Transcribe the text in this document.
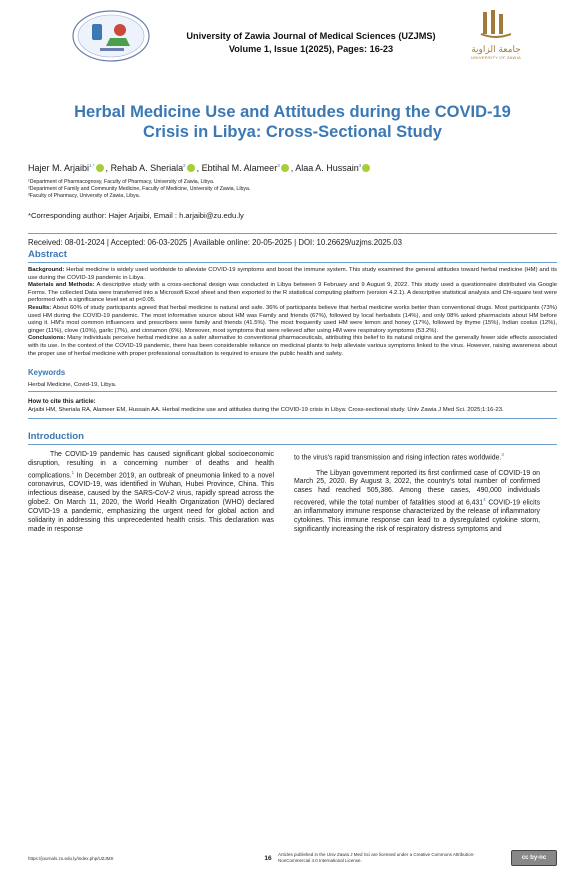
University of Zawia Journal of Medical Sciences (UZJMS)
Volume 1, Issue 1(2025), Pages: 16-23	جامعة الزاوية
UNIVERSITY OF ZAWIA
Herbal Medicine Use and Attitudes during the COVID-19
Crisis in Libya: Cross-Sectional Study
Hajer M. Arjaibi$^{1,*}$ , Rehab A. Sheriala$^2$ , Ebtihal M. Alameer$^3$ , Alaa A. Hussain$^3$
¹Department of Pharmacognosy, Faculty of Pharmacy, University of Zawia, Libya.
²Department of Family and Community Medicine, Faculty of Medicine, University of Zawia, Libya.
³Faculty of Pharmacy, University of Zawia, Libya.
*Corresponding author: Hajer Arjaibi, Email : h.arjaibi@zu.edu.ly
Received: 08-01-2024 | Accepted: 06-03-2025 | Available online: 20-05-2025 | DOI: 10.26629/uzjms.2025.03
Abstract

Background: Herbal medicine is widely used worldwide to alleviate COVID-19 symptoms and boost the immune system. This study examined the general attitudes toward herbal medicine (HM) and its use during the COVID-19 pandemic in Libya.

Materials and Methods: A descriptive study with a cross-sectional design was conducted in Libya between 9 February and 9 August 9, 2022. This study used a questionnaire distributed via Google Forms. The collected Data were transferred into a Microsoft Excel sheet and then exported to the R statistical computing platform (version 4.2.1). A descriptive statistical analysis and Chi-square test were performed with a significance level set at p<0.05.

Results: About 60% of study participants agreed that herbal medicine is natural and safe. 36% of participants believe that herbal medicine works better than conventional drugs. Most participants (73%) used HM during the COVID-19 pandemic. The most informative source about HM was Family and friends (67%), followed by local herbalists (14%), and only 08% asked pharmacists about HM before using it. HM's most common influencers and prescribers were family and friends (41.5%). The most frequently used HM were lemon and honey (17%), followed by thyme (15%), Indian costus (12%), ginger (11%), clove (10%), garlic (7%), and cinnamon (6%). Moreover, most symptoms that were relieved after using HM were respiratory symptoms (53.2%).

Conclusions: Many individuals perceive herbal medicine as a safer alternative to conventional pharmaceuticals, attributing this belief to its natural origins and the generally fewer side effects associated with its use. In the context of the COVID-19 pandemic, there has been considerable reliance on medicinal plants to help alleviate various symptoms linked to the virus. However, raising awareness about the proper use of herbal medicine with proper professional consultation is required to ensure the public health and safety.

Keywords
Herbal Medicine, Covid-19, Libya.
How to cite this article:
Arjaibi HM, Sheriala RA, Alameer EM, Hussain AA. Herbal medicine use and attitudes during the COVID-19 crisis in Libya: Cross-sectional study. Univ Zawia J Med Sci. 2025;1:16-23.
Introduction

The COVID-19 pandemic has caused significant global socioeconomic disruption, resulting in a concerning number of deaths and health complications.$^1$ In December 2019, an outbreak of pneumonia linked to a novel coronavirus, COVID-19, was identified in Wuhan, Hubei Province, China. This infectious disease, caused by the SARS-CoV-2 virus, rapidly spread across the globe2. On March 11, 2020, the World Health Organization (WHO) declared COVID-19 a pandemic, emphasizing the urgent need for global action and solidarity in addressing this unprecedented health crisis. This declaration was made in response

to the virus's rapid transmission and rising infection rates worldwide.$^3$

The Libyan government reported its first confirmed case of COVID-19 on March 25, 2020. By August 3, 2022, the country's total number of confirmed cases had reached 505,386. Among these cases, 490,000 individuals recovered, while the total number of fatalities stood at 6,431$^4$ COVID-19 elicits an inflammatory immune response characterized by the release of inflammatory cytokines. This immune response can lead to a dysregulated cytokine storm, significantly increasing the risk of respiratory distress symptoms and

https://journals.zu.edu.ly/index.php/UZJMS	16	Articles published in the Univ Zawia J Med Sci are licensed under a Creative Commons Attribution-NonCommercial 4.0 International License.	cc by-nc
